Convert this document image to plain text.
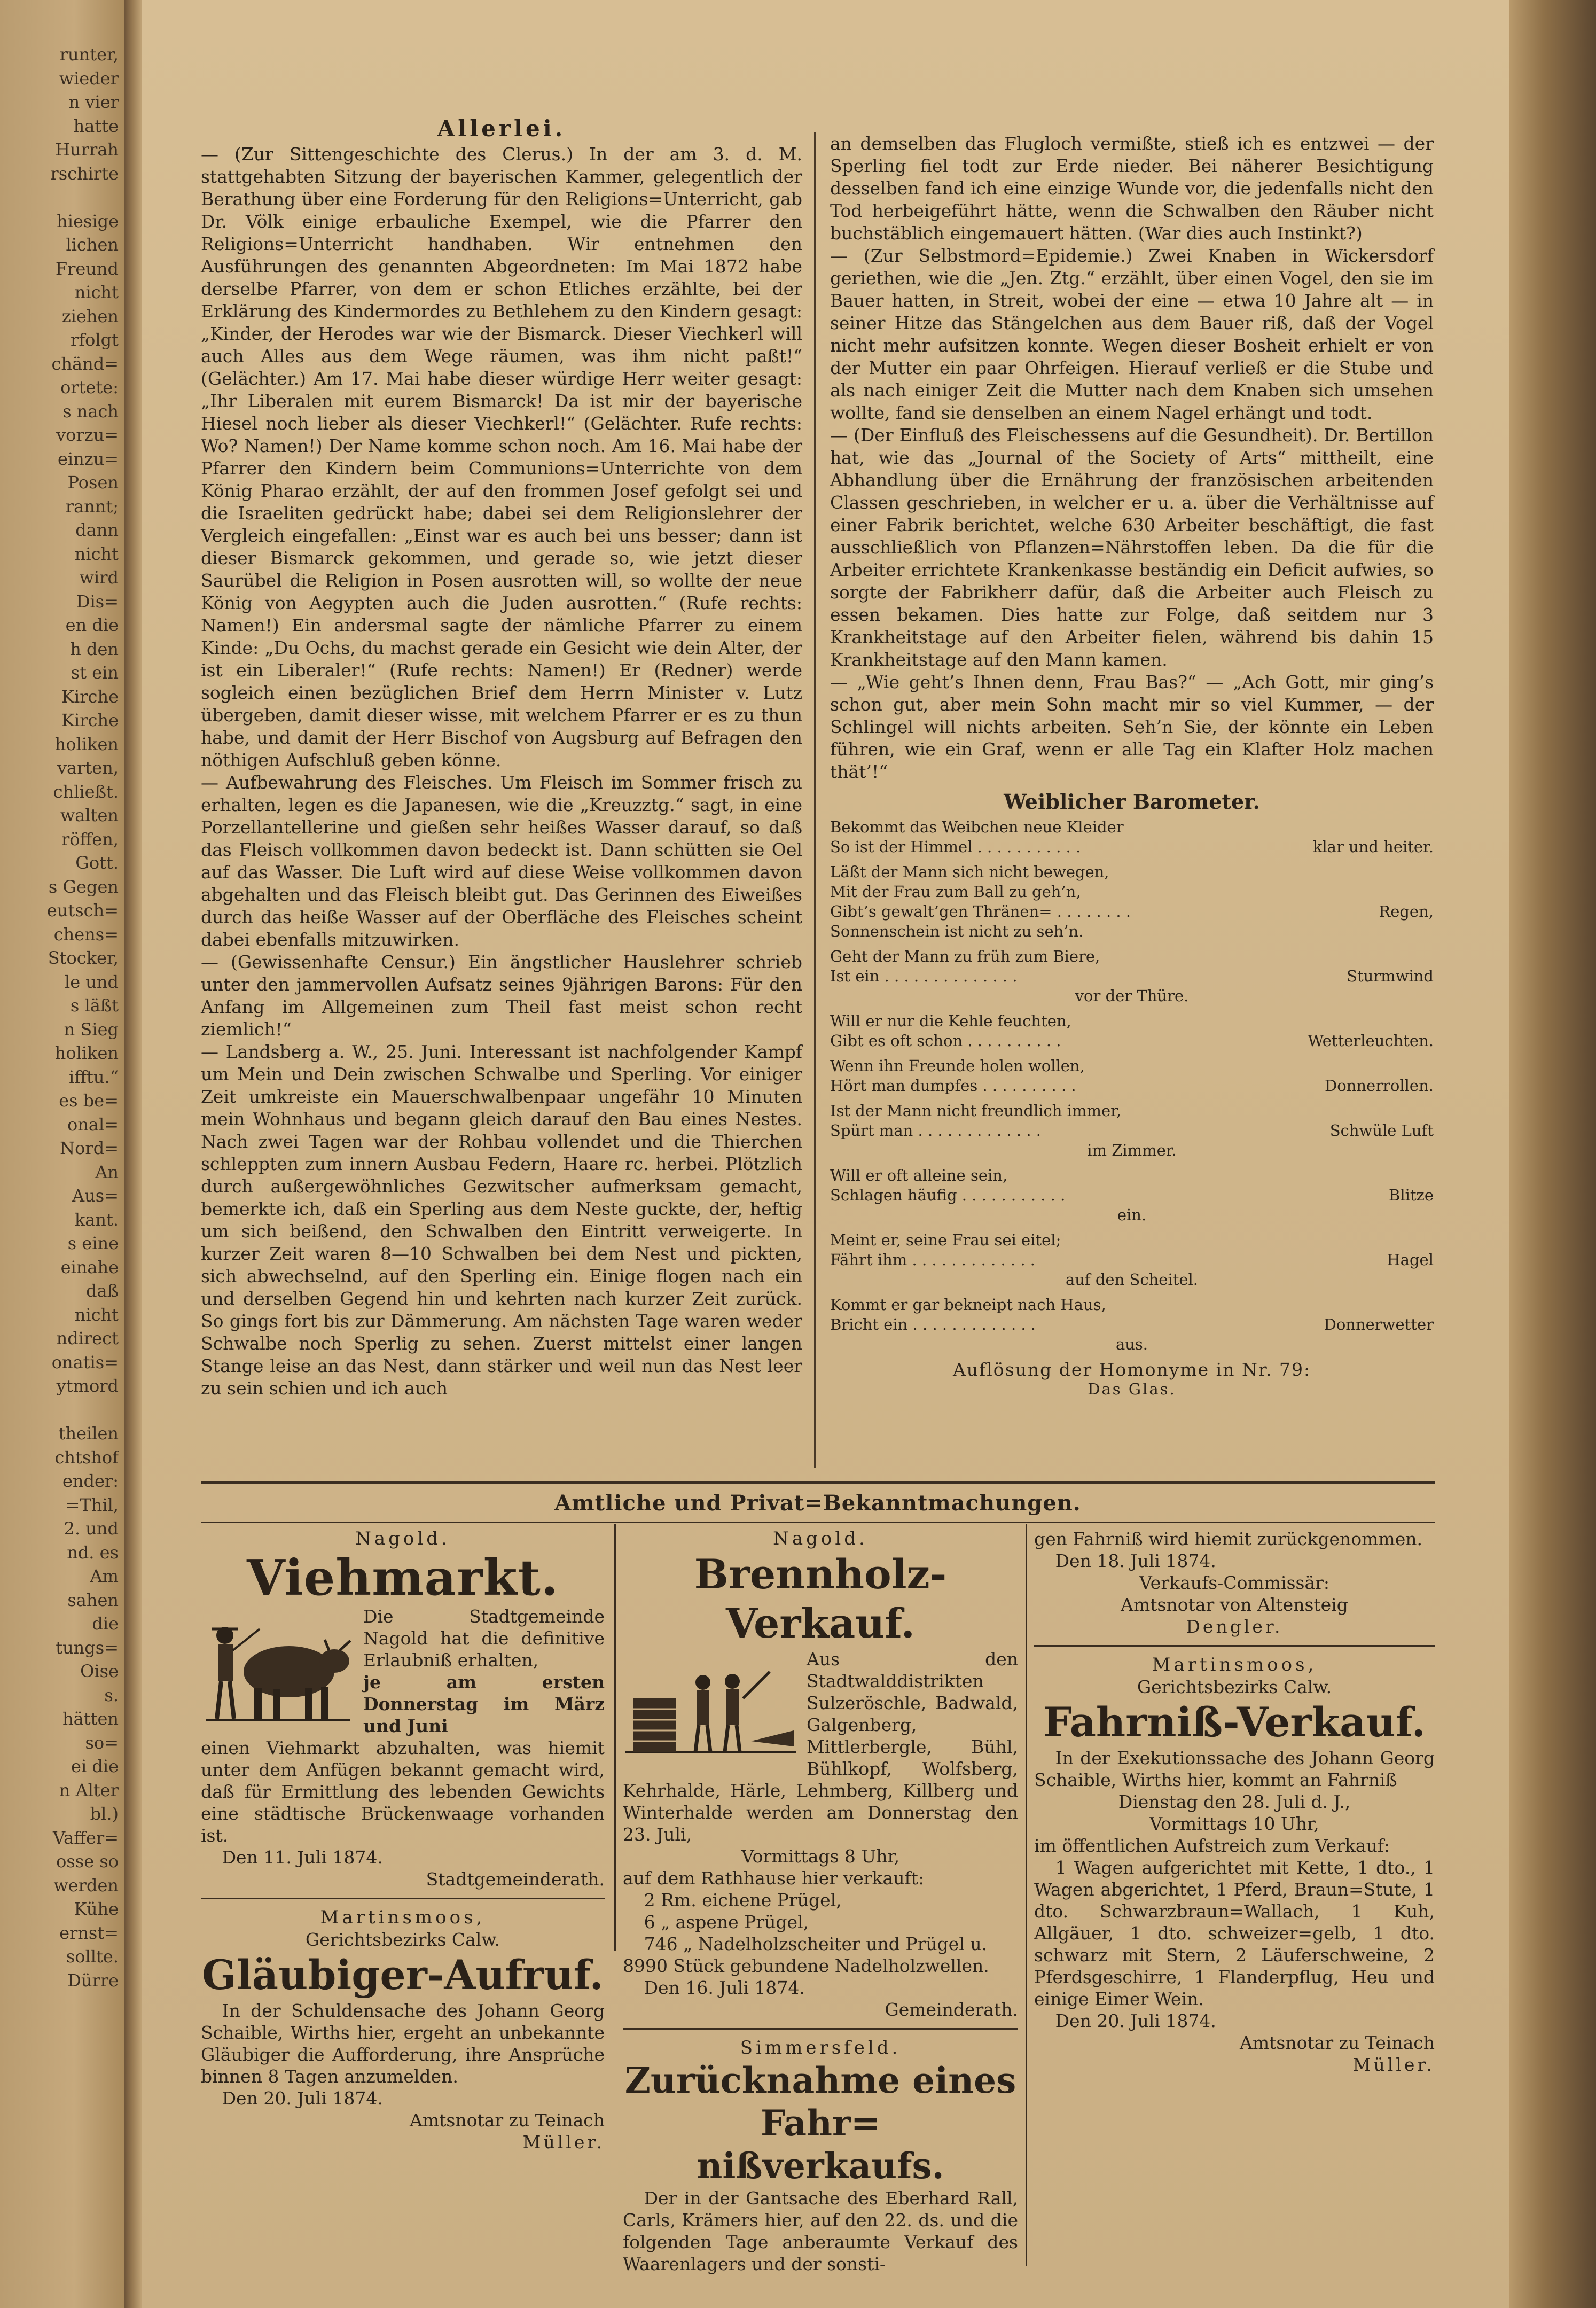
runter,
wieder
n vier
hatte
Hurrah
rschirte

hiesige
lichen
Freund
nicht
ziehen
rfolgt
chänd=
ortete:
s nach
vorzu=
einzu=
Posen
rannt;
dann
nicht
wird
Dis=
en die
h den
st ein
Kirche
Kirche
holiken
varten,
chließt.
walten
röffen,
Gott.
s Gegen
eutsch=
chens=
Stocker,
le und
s läßt
n Sieg
holiken
ifftu.“
es be=
onal=
Nord=
An
Aus=
kant.
s eine
einahe
daß
nicht
ndirect
onatis=
ytmord

theilen
chtshof
ender:
=Thil,
2. und
nd. es
Am
sahen
die
tungs=
Oise
s.
hätten
so=
ei die
n Alter
bl.)
Vaffer=
osse so
werden
Kühe
ernst=
sollte.
Dürre
Allerlei.

— (Zur Sittengeschichte des Clerus.) In der am 3. d. M. stattgehabten Sitzung der bayerischen Kammer, gelegentlich der Berathung über eine Forderung für den Religions=Unterricht, gab Dr. Völk einige erbauliche Exempel, wie die Pfarrer den Religions=Unterricht handhaben. Wir entnehmen den Ausführungen des genannten Abgeordneten: Im Mai 1872 habe derselbe Pfarrer, von dem er schon Etliches erzählte, bei der Erklärung des Kindermordes zu Bethlehem zu den Kindern gesagt: „Kinder, der Herodes war wie der Bismarck. Dieser Viechkerl will auch Alles aus dem Wege räumen, was ihm nicht paßt!“ (Gelächter.) Am 17. Mai habe dieser würdige Herr weiter gesagt: „Ihr Liberalen mit eurem Bismarck! Da ist mir der bayerische Hiesel noch lieber als dieser Viechkerl!“ (Gelächter. Rufe rechts: Wo? Namen!) Der Name komme schon noch. Am 16. Mai habe der Pfarrer den Kindern beim Communions=Unterrichte von dem König Pharao erzählt, der auf den frommen Josef gefolgt sei und die Israeliten gedrückt habe; dabei sei dem Religionslehrer der Vergleich eingefallen: „Einst war es auch bei uns besser; dann ist dieser Bismarck gekommen, und gerade so, wie jetzt dieser Saurübel die Religion in Posen ausrotten will, so wollte der neue König von Aegypten auch die Juden ausrotten.“ (Rufe rechts: Namen!) Ein andersmal sagte der nämliche Pfarrer zu einem Kinde: „Du Ochs, du machst gerade ein Gesicht wie dein Alter, der ist ein Liberaler!“ (Rufe rechts: Namen!) Er (Redner) werde sogleich einen bezüglichen Brief dem Herrn Minister v. Lutz übergeben, damit dieser wisse, mit welchem Pfarrer er es zu thun habe, und damit der Herr Bischof von Augsburg auf Befragen den nöthigen Aufschluß geben könne.

— Aufbewahrung des Fleisches. Um Fleisch im Sommer frisch zu erhalten, legen es die Japanesen, wie die „Kreuzztg.“ sagt, in eine Porzellantellerine und gießen sehr heißes Wasser darauf, so daß das Fleisch vollkommen davon bedeckt ist. Dann schütten sie Oel auf das Wasser. Die Luft wird auf diese Weise vollkommen davon abgehalten und das Fleisch bleibt gut. Das Gerinnen des Eiweißes durch das heiße Wasser auf der Oberfläche des Fleisches scheint dabei ebenfalls mitzuwirken.

— (Gewissenhafte Censur.) Ein ängstlicher Hauslehrer schrieb unter den jammervollen Aufsatz seines 9jährigen Barons: Für den Anfang im Allgemeinen zum Theil fast meist schon recht ziemlich!“

— Landsberg a. W., 25. Juni. Interessant ist nachfolgender Kampf um Mein und Dein zwischen Schwalbe und Sperling. Vor einiger Zeit umkreiste ein Mauerschwalbenpaar ungefähr 10 Minuten mein Wohnhaus und begann gleich darauf den Bau eines Nestes. Nach zwei Tagen war der Rohbau vollendet und die Thierchen schleppten zum innern Ausbau Federn, Haare rc. herbei. Plötzlich durch außergewöhnliches Gezwitscher aufmerksam gemacht, bemerkte ich, daß ein Sperling aus dem Neste guckte, der, heftig um sich beißend, den Schwalben den Eintritt verweigerte. In kurzer Zeit waren 8—10 Schwalben bei dem Nest und pickten, sich abwechselnd, auf den Sperling ein. Einige flogen nach ein und derselben Gegend hin und kehrten nach kurzer Zeit zurück. So gings fort bis zur Dämmerung. Am nächsten Tage waren weder Schwalbe noch Sperlig zu sehen. Zuerst mittelst einer langen Stange leise an das Nest, dann stärker und weil nun das Nest leer zu sein schien und ich auch

an demselben das Flugloch vermißte, stieß ich es entzwei — der Sperling fiel todt zur Erde nieder. Bei näherer Besichtigung desselben fand ich eine einzige Wunde vor, die jedenfalls nicht den Tod herbeigeführt hätte, wenn die Schwalben den Räuber nicht buchstäblich eingemauert hätten. (War dies auch Instinkt?)

— (Zur Selbstmord=Epidemie.) Zwei Knaben in Wickersdorf geriethen, wie die „Jen. Ztg.“ erzählt, über einen Vogel, den sie im Bauer hatten, in Streit, wobei der eine — etwa 10 Jahre alt — in seiner Hitze das Stängelchen aus dem Bauer riß, daß der Vogel nicht mehr aufsitzen konnte. Wegen dieser Bosheit erhielt er von der Mutter ein paar Ohrfeigen. Hierauf verließ er die Stube und als nach einiger Zeit die Mutter nach dem Knaben sich umsehen wollte, fand sie denselben an einem Nagel erhängt und todt.

— (Der Einfluß des Fleischessens auf die Gesundheit). Dr. Bertillon hat, wie das „Journal of the Society of Arts“ mittheilt, eine Abhandlung über die Ernährung der französischen arbeitenden Classen geschrieben, in welcher er u. a. über die Verhältnisse auf einer Fabrik berichtet, welche 630 Arbeiter beschäftigt, die fast ausschließlich von Pflanzen=Nährstoffen leben. Da die für die Arbeiter errichtete Krankenkasse beständig ein Deficit aufwies, so sorgte der Fabrikherr dafür, daß die Arbeiter auch Fleisch zu essen bekamen. Dies hatte zur Folge, daß seitdem nur 3 Krankheitstage auf den Arbeiter fielen, während bis dahin 15 Krankheitstage auf den Mann kamen.

— „Wie geht’s Ihnen denn, Frau Bas?“ — „Ach Gott, mir ging’s schon gut, aber mein Sohn macht mir so viel Kummer, — der Schlingel will nichts arbeiten. Seh’n Sie, der könnte ein Leben führen, wie ein Graf, wenn er alle Tag ein Klafter Holz machen thät’!“

Weiblicher Barometer.
Bekommt das Weibchen neue Kleider
So ist der Himmel . . . . . . . . . . .	klar und heiter.
Läßt der Mann sich nicht bewegen,
Mit der Frau zum Ball zu geh’n,
Gibt’s gewalt’gen Thränen= . . . . . . . .	Regen,
Sonnenschein ist nicht zu seh’n.
Geht der Mann zu früh zum Biere,
Ist ein . . . . . . . . . . . . . .	Sturmwind
vor der Thüre.
Will er nur die Kehle feuchten,
Gibt es oft schon . . . . . . . . . .	Wetterleuchten.
Wenn ihn Freunde holen wollen,
Hört man dumpfes . . . . . . . . . .	Donnerrollen.
Ist der Mann nicht freundlich immer,
Spürt man . . . . . . . . . . . . .	Schwüle Luft
im Zimmer.
Will er oft alleine sein,
Schlagen häufig . . . . . . . . . . .	Blitze
ein.
Meint er, seine Frau sei eitel;
Fährt ihm . . . . . . . . . . . . .	Hagel
auf den Scheitel.
Kommt er gar bekneipt nach Haus,
Bricht ein . . . . . . . . . . . . .	Donnerwetter
aus.
Auflösung der Homonyme in Nr. 79:
Das Glas.
Amtliche und Privat=Bekanntmachungen.
Nagold.
Viehmarkt.

Die Stadtgemeinde Nagold hat die definitive Erlaubniß erhalten,

je am ersten Donnerstag im März und Juni

einen Viehmarkt abzuhalten, was hiemit unter dem Anfügen bekannt gemacht wird, daß für Ermittlung des lebenden Gewichts eine städtische Brückenwaage vorhanden ist.

Den 11. Juli 1874.
Stadtgemeinderath.
Martinsmoos,
Gerichtsbezirks Calw.
Gläubiger-Aufruf.

In der Schuldensache des Johann Georg Schaible, Wirths hier, ergeht an unbekannte Gläubiger die Aufforderung, ihre Ansprüche binnen 8 Tagen anzumelden.

Den 20. Juli 1874.
Amtsnotar zu Teinach
Müller.
Nagold.
Brennholz-Verkauf.

Aus den Stadtwalddistrikten Sulzeröschle, Badwald, Galgenberg, Mittlerbergle, Bühl, Bühlkopf, Wolfsberg, Kehrhalde, Härle, Lehmberg, Killberg und Winterhalde werden am Donnerstag den 23. Juli,

Vormittags 8 Uhr,
auf dem Rathhause hier verkauft:
2 Rm. eichene Prügel,
6 „ aspene Prügel,
746 „ Nadelholzscheiter und Prügel u.
8990 Stück gebundene Nadelholzwellen.
Den 16. Juli 1874.
Gemeinderath.
Simmersfeld.
Zurücknahme eines Fahr=
nißverkaufs.

Der in der Gantsache des Eberhard Rall, Carls, Krämers hier, auf den 22. ds. und die folgenden Tage anberaumte Verkauf des Waarenlagers und der sonsti-

gen Fahrniß wird hiemit zurückgenommen.
Den 18. Juli 1874.
Verkaufs-Commissär:
Amtsnotar von Altensteig
Dengler.
Martinsmoos,
Gerichtsbezirks Calw.
Fahrniß-Verkauf.

In der Exekutionssache des Johann Georg Schaible, Wirths hier, kommt an Fahrniß

Dienstag den 28. Juli d. J.,
Vormittags 10 Uhr,
im öffentlichen Aufstreich zum Verkauf:

1 Wagen aufgerichtet mit Kette, 1 dto., 1 Wagen abgerichtet, 1 Pferd, Braun=Stute, 1 dto. Schwarzbraun=Wallach, 1 Kuh, Allgäuer, 1 dto. schweizer=gelb, 1 dto. schwarz mit Stern, 2 Läuferschweine, 2 Pferdsgeschirre, 1 Flanderpflug, Heu und einige Eimer Wein.

Den 20. Juli 1874.
Amtsnotar zu Teinach
Müller.
